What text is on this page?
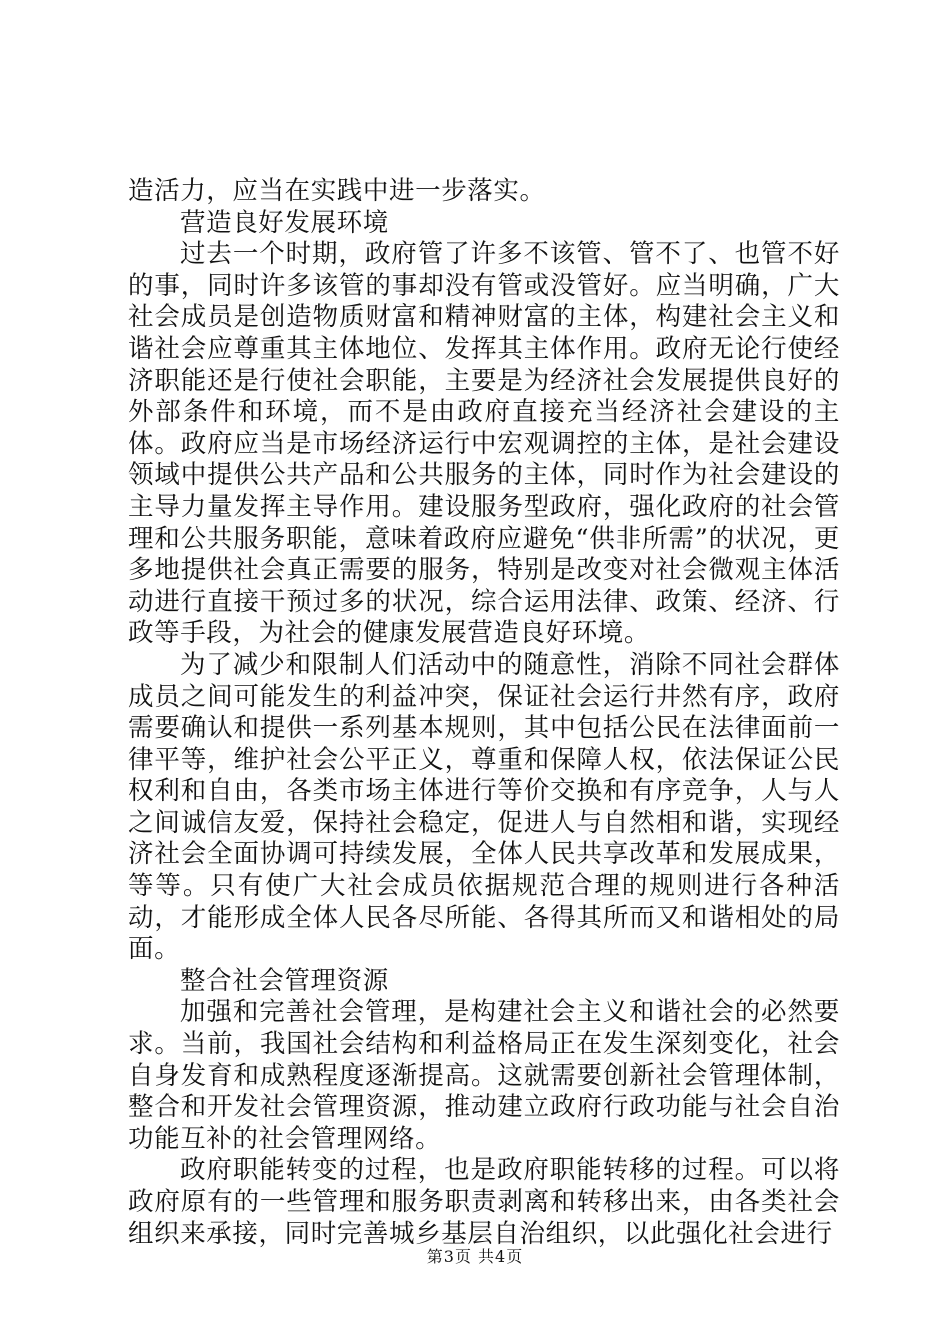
造活力，应当在实践中进一步落实。

营造良好发展环境

过去一个时期，政府管了许多不该管、管不了、也管不好的事，同时许多该管的事却没有管或没管好。应当明确，广大社会成员是创造物质财富和精神财富的主体，构建社会主义和谐社会应尊重其主体地位、发挥其主体作用。政府无论行使经济职能还是行使社会职能，主要是为经济社会发展提供良好的外部条件和环境，而不是由政府直接充当经济社会建设的主体。政府应当是市场经济运行中宏观调控的主体，是社会建设领域中提供公共产品和公共服务的主体，同时作为社会建设的主导力量发挥主导作用。建设服务型政府，强化政府的社会管理和公共服务职能，意味着政府应避免“供非所需”的状况，更多地提供社会真正需要的服务，特别是改变对社会微观主体活动进行直接干预过多的状况，综合运用法律、政策、经济、行政等手段，为社会的健康发展营造良好环境。

为了减少和限制人们活动中的随意性，消除不同社会群体成员之间可能发生的利益冲突，保证社会运行井然有序，政府需要确认和提供一系列基本规则，其中包括公民在法律面前一律平等，维护社会公平正义，尊重和保障人权，依法保证公民权利和自由，各类市场主体进行等价交换和有序竞争，人与人之间诚信友爱，保持社会稳定，促进人与自然相和谐，实现经济社会全面协调可持续发展，全体人民共享改革和发展成果，等等。只有使广大社会成员依据规范合理的规则进行各种活动，才能形成全体人民各尽所能、各得其所而又和谐相处的局面。

整合社会管理资源

加强和完善社会管理，是构建社会主义和谐社会的必然要求。当前，我国社会结构和利益格局正在发生深刻变化，社会自身发育和成熟程度逐渐提高。这就需要创新社会管理体制，整合和开发社会管理资源，推动建立政府行政功能与社会自治功能互补的社会管理网络。

政府职能转变的过程，也是政府职能转移的过程。可以将政府原有的一些管理和服务职责剥离和转移出来，由各类社会组织来承接，同时完善城乡基层自治组织，以此强化社会进行

第3页 共4页
